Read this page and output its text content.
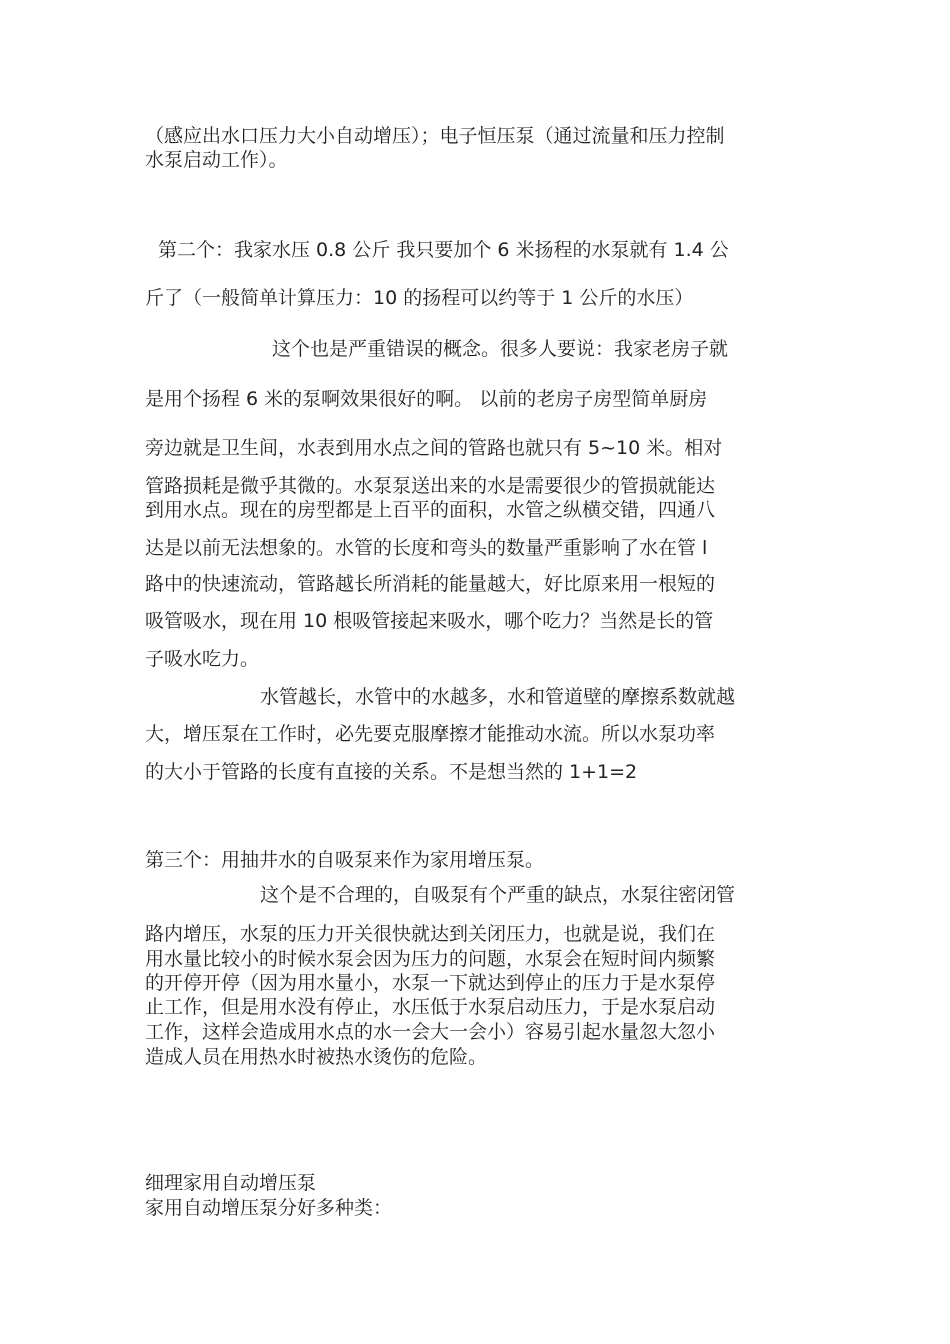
（感应出水口压力大小自动增压）；电子恒压泵（通过流量和压力控制

水泵启动工作）。

第二个：我家水压 0.8 公斤 我只要加个 6 米扬程的水泵就有 1.4 公

斤了（一般简单计算压力：10 的扬程可以约等于 1 公斤的水压）

这个也是严重错误的概念。很多人要说：我家老房子就

是用个扬程 6 米的泵啊效果很好的啊。 以前的老房子房型简单厨房

旁边就是卫生间，水表到用水点之间的管路也就只有 5~10 米。相对

管路损耗是微乎其微的。水泵泵送出来的水是需要很少的管损就能达

到用水点。现在的房型都是上百平的面积，水管之纵横交错，四通八

达是以前无法想象的。水管的长度和弯头的数量严重影响了水在管 l

路中的快速流动，管路越长所消耗的能量越大，好比原来用一根短的

吸管吸水，现在用 10 根吸管接起来吸水，哪个吃力？当然是长的管

子吸水吃力。

水管越长，水管中的水越多，水和管道壁的摩擦系数就越

大，增压泵在工作时，必先要克服摩擦才能推动水流。所以水泵功率

的大小于管路的长度有直接的关系。不是想当然的 1+1=2

第三个：用抽井水的自吸泵来作为家用增压泵。

这个是不合理的，自吸泵有个严重的缺点，水泵往密闭管

路内增压，水泵的压力开关很快就达到关闭压力，也就是说，我们在

用水量比较小的时候水泵会因为压力的问题，水泵会在短时间内频繁

的开停开停（因为用水量小，水泵一下就达到停止的压力于是水泵停

止工作，但是用水没有停止，水压低于水泵启动压力，于是水泵启动

工作，这样会造成用水点的水一会大一会小）容易引起水量忽大忽小

造成人员在用热水时被热水烫伤的危险。

细理家用自动增压泵

家用自动增压泵分好多种类：
